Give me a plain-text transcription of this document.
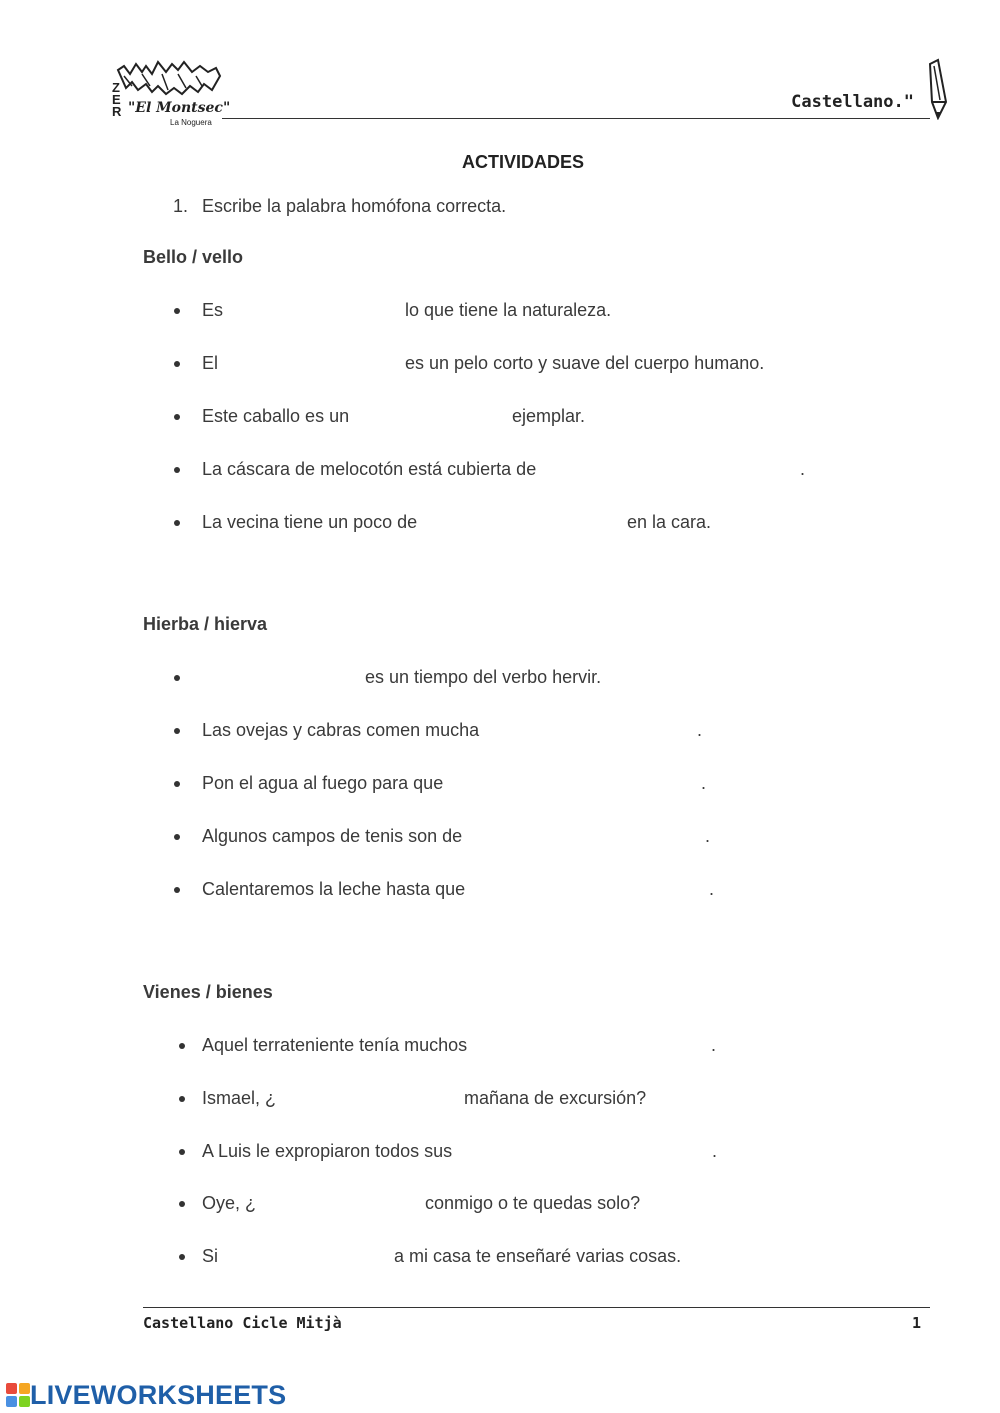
ZER "El Montsec"
La Noguera
Castellano."
ACTIVIDADES
1. Escribe la palabra homófona correcta.
Bello / vello
Es	lo que tiene la naturaleza.
El	es un pelo corto y suave del cuerpo humano.
Este caballo es un	ejemplar.
La cáscara de melocotón está cubierta de	.
La vecina tiene un poco de	en la cara.
Hierba / hierva
es un tiempo del verbo hervir.
Las ovejas y cabras comen mucha	.
Pon el agua al fuego para que	.
Algunos campos de tenis son de	.
Calentaremos la leche hasta que	.
Vienes / bienes
Aquel terrateniente tenía muchos	.
Ismael, ¿	mañana de excursión?
A Luis le expropiaron todos sus	.
Oye, ¿	conmigo o te quedas solo?
Si	a mi casa te enseñaré varias cosas.
Castellano Cicle Mitjà	1
LIVEWORKSHEETS
